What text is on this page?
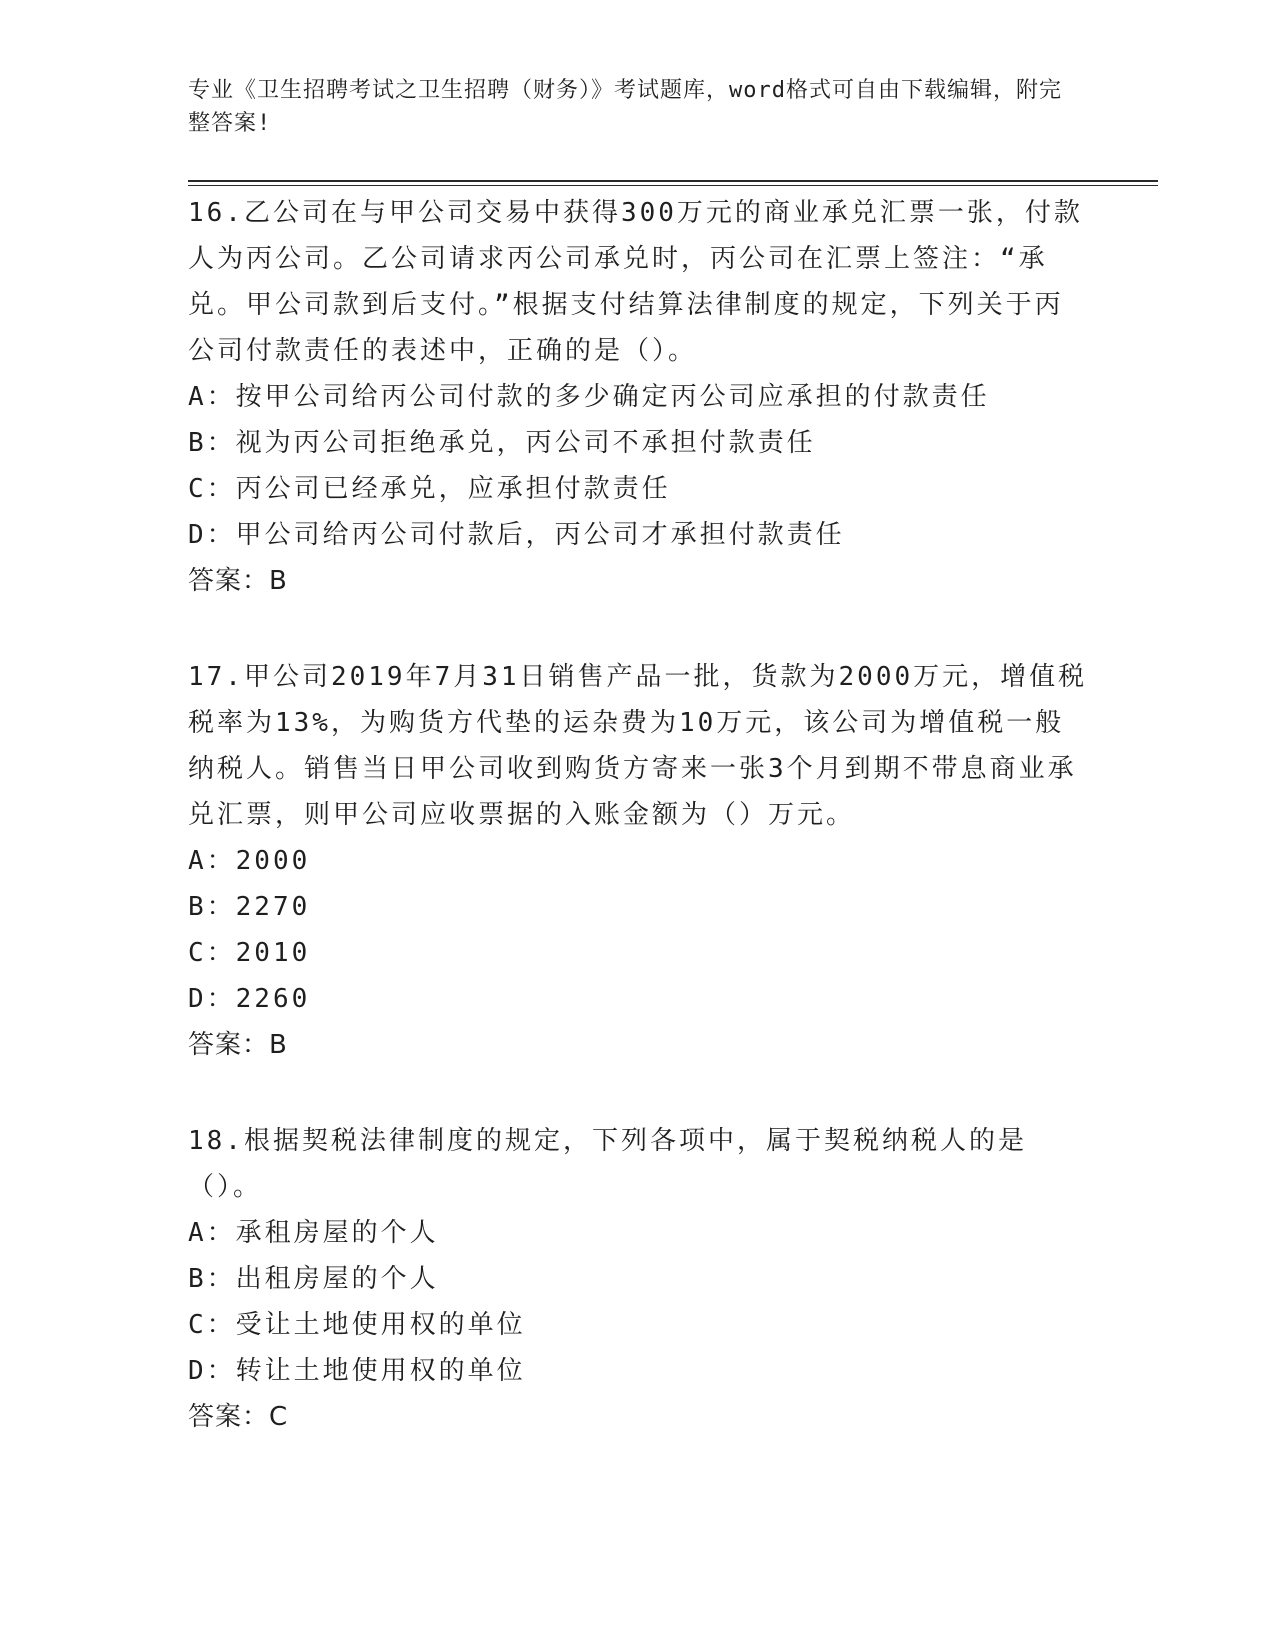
专业《卫生招聘考试之卫生招聘（财务）》考试题库，word格式可自由下载编辑，附完整答案!

16.乙公司在与甲公司交易中获得300万元的商业承兑汇票一张，付款人为丙公司。乙公司请求丙公司承兑时，丙公司在汇票上签注：“承兑。甲公司款到后支付。”根据支付结算法律制度的规定，下列关于丙公司付款责任的表述中，正确的是（）。

A：按甲公司给丙公司付款的多少确定丙公司应承担的付款责任

B：视为丙公司拒绝承兑，丙公司不承担付款责任

C：丙公司已经承兑，应承担付款责任

D：甲公司给丙公司付款后，丙公司才承担付款责任

答案：B

17.甲公司2019年7月31日销售产品一批，货款为2000万元，增值税税率为13%，为购货方代垫的运杂费为10万元，该公司为增值税一般纳税人。销售当日甲公司收到购货方寄来一张3个月到期不带息商业承兑汇票，则甲公司应收票据的入账金额为（）万元。

A：2000

B：2270

C：2010

D：2260

答案：B

18.根据契税法律制度的规定，下列各项中，属于契税纳税人的是（）。

A：承租房屋的个人

B：出租房屋的个人

C：受让土地使用权的单位

D：转让土地使用权的单位

答案：C
